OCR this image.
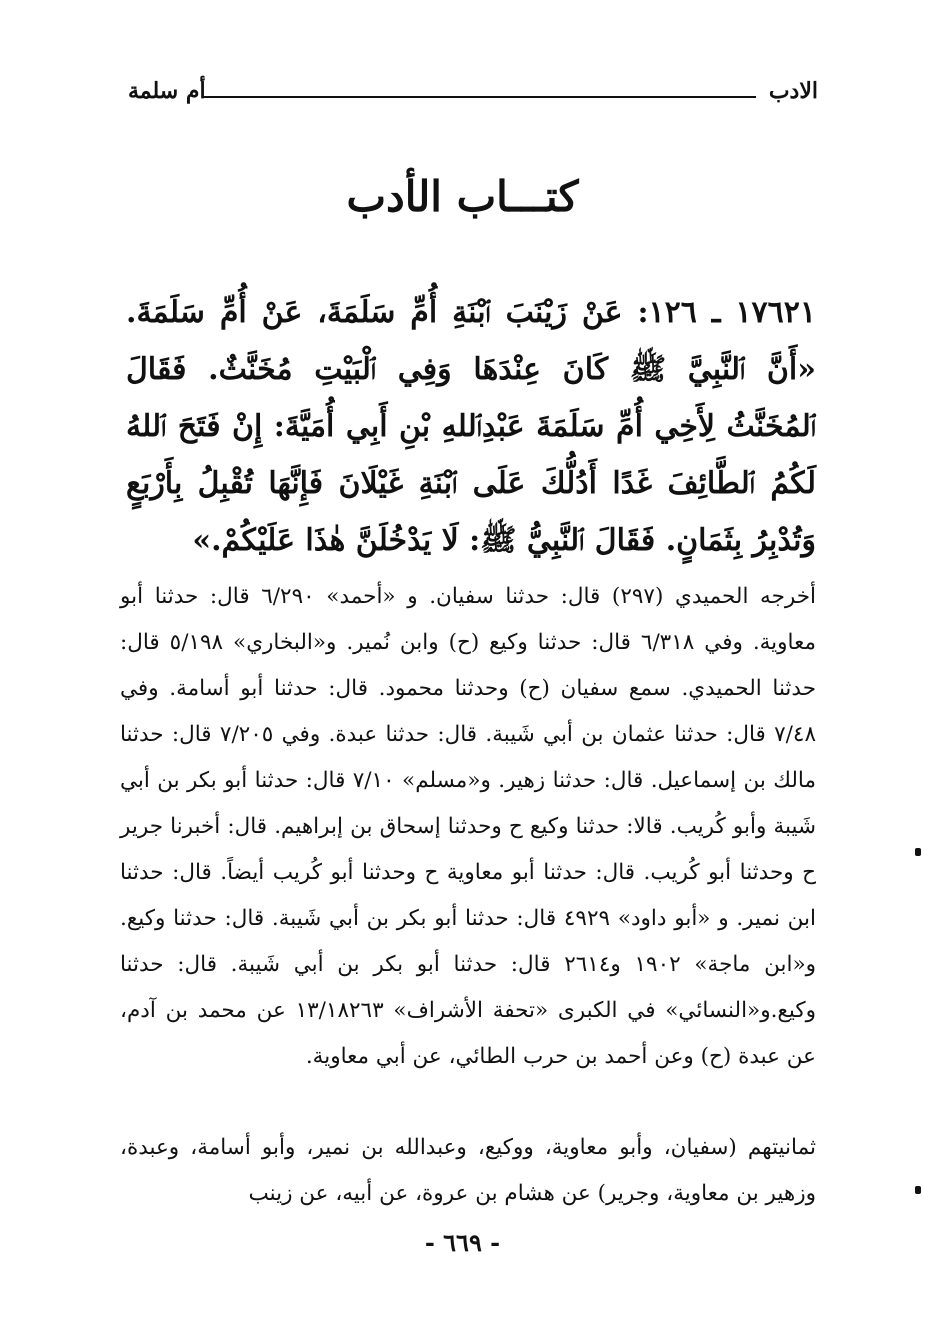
الادب
أم سلمة
كتـــاب الأدب

١٧٦٢١ ـ ١٢٦: عَنْ زَيْنَبَ ٱبْنَةِ أُمِّ سَلَمَةَ، عَنْ أُمِّ سَلَمَةَ. «أَنَّ ٱلنَّبِيَّ ﷺ كَانَ عِنْدَهَا وَفِي ٱلْبَيْتِ مُخَنَّثٌ. فَقَالَ ٱلمُخَنَّثُ لِأَخِي أُمِّ سَلَمَةَ عَبْدِٱللهِ بْنِ أَبِي أُمَيَّةَ: إِنْ فَتَحَ ٱللهُ لَكُمُ ٱلطَّائِفَ غَدًا أَدُلُّكَ عَلَى ٱبْنَةِ غَيْلَانَ فَإِنَّهَا تُقْبِلُ بِأَرْبَعٍ وَتُدْبِرُ بِثَمَانٍ. فَقَالَ ٱلنَّبِيُّ ﷺ: لَا يَدْخُلَنَّ هٰذَا عَلَيْكُمْ.»

أخرجه الحميدي (٢٩٧) قال: حدثنا سفيان. و «أحمد» ٦/٢٩٠ قال: حدثنا أبو معاوية. وفي ٦/٣١٨ قال: حدثنا وكيع (ح) وابن نُمير. و«البخاري» ٥/١٩٨ قال: حدثنا الحميدي. سمع سفيان (ح) وحدثنا محمود. قال: حدثنا أبو أسامة. وفي ٧/٤٨ قال: حدثنا عثمان بن أبي شَيبة. قال: حدثنا عبدة. وفي ٧/٢٠٥ قال: حدثنا مالك بن إسماعيل. قال: حدثنا زهير. و«مسلم» ٧/١٠ قال: حدثنا أبو بكر بن أبي شَيبة وأبو كُريب. قالا: حدثنا وكيع ح وحدثنا إسحاق بن إبراهيم. قال: أخبرنا جرير ح وحدثنا أبو كُريب. قال: حدثنا أبو معاوية ح وحدثنا أبو كُريب أيضاً. قال: حدثنا ابن نمير. و «أبو داود» ٤٩٢٩ قال: حدثنا أبو بكر بن أبي شَيبة. قال: حدثنا وكيع. و«ابن ماجة» ١٩٠٢ و٢٦١٤ قال: حدثنا أبو بكر بن أبي شَيبة. قال: حدثنا وكيع.و«النسائي» في الكبرى «تحفة الأشراف» ١٣/١٨٢٦٣ عن محمد بن آدم، عن عبدة (ح) وعن أحمد بن حرب الطائي، عن أبي معاوية.

ثمانيتهم (سفيان، وأبو معاوية، ووكيع، وعبدالله بن نمير، وأبو أسامة، وعبدة، وزهير بن معاوية، وجرير) عن هشام بن عروة، عن أبيه، عن زينب

- ٦٦٩ -
